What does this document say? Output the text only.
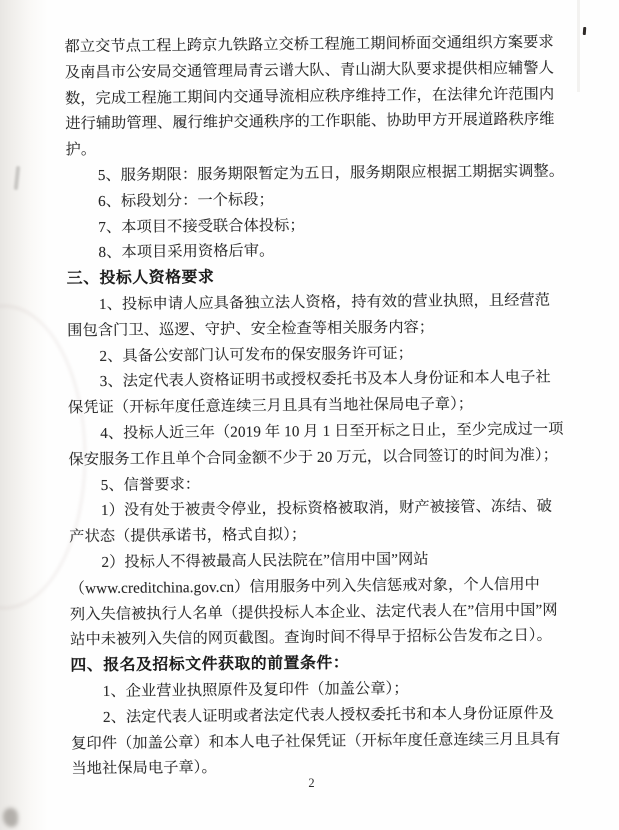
都立交节点工程上跨京九铁路立交桥工程施工期间桥面交通组织方案要求

及南昌市公安局交通管理局青云谱大队、青山湖大队要求提供相应辅警人

数，完成工程施工期间内交通导流相应秩序维持工作，在法律允许范围内

进行辅助管理、履行维护交通秩序的工作职能、协助甲方开展道路秩序维

护。

5、服务期限：服务期限暂定为五日，服务期限应根据工期据实调整。

6、标段划分：一个标段；

7、本项目不接受联合体投标；

8、本项目采用资格后审。

三、投标人资格要求

1、投标申请人应具备独立法人资格，持有效的营业执照，且经营范

围包含门卫、巡逻、守护、安全检查等相关服务内容；

2、具备公安部门认可发布的保安服务许可证；

3、法定代表人资格证明书或授权委托书及本人身份证和本人电子社

保凭证（开标年度任意连续三月且具有当地社保局电子章）；

4、投标人近三年（2019 年 10 月 1 日至开标之日止，至少完成过一项

保安服务工作且单个合同金额不少于 20 万元，以合同签订的时间为准）；

5、信誉要求：

1）没有处于被责令停业，投标资格被取消，财产被接管、冻结、破

产状态（提供承诺书，格式自拟）；

2）投标人不得被最高人民法院在”信用中国”网站

（www.creditchina.gov.cn）信用服务中列入失信惩戒对象，个人信用中

列入失信被执行人名单（提供投标人本企业、法定代表人在”信用中国”网

站中未被列入失信的网页截图。查询时间不得早于招标公告发布之日）。

四、报名及招标文件获取的前置条件：

1、企业营业执照原件及复印件（加盖公章）；

2、法定代表人证明或者法定代表人授权委托书和本人身份证原件及

复印件（加盖公章）和本人电子社保凭证（开标年度任意连续三月且具有

当地社保局电子章）。

2
